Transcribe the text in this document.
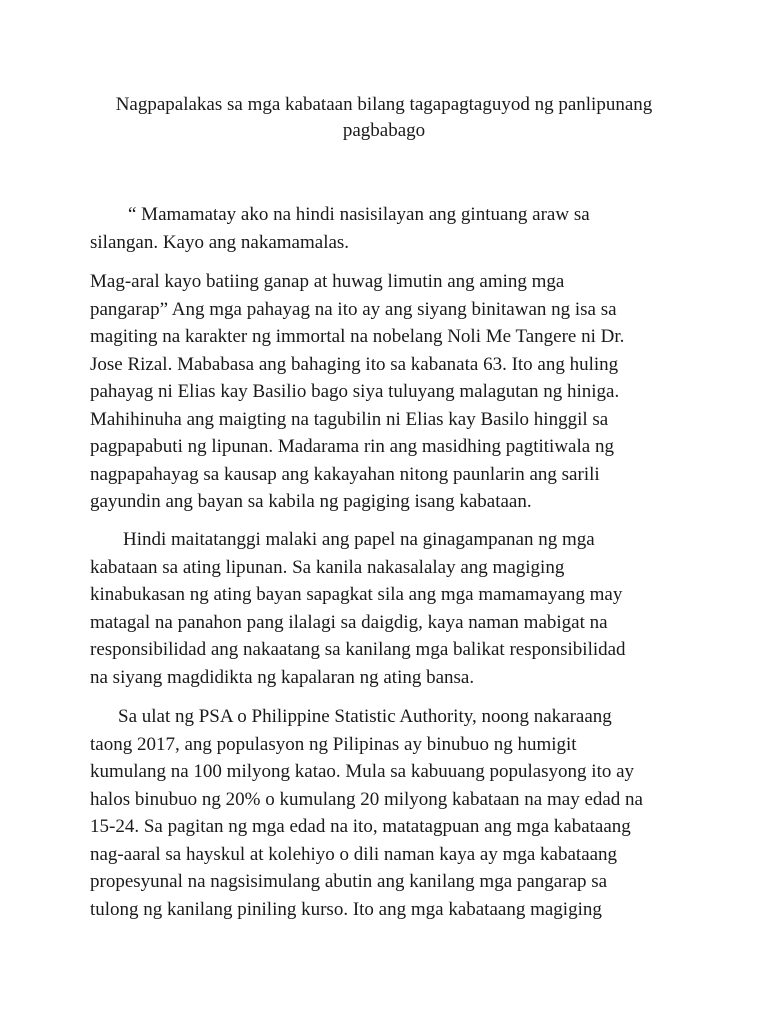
Nagpapalakas sa mga kabataan bilang tagapagtaguyod ng panlipunang
pagbabago

“ Mamamatay ako na hindi nasisilayan ang gintuang araw sa
silangan. Kayo ang nakamamalas.

Mag-aral kayo batiing ganap at huwag limutin ang aming mga
pangarap” Ang mga pahayag na ito ay ang siyang binitawan ng isa sa
magiting na karakter ng immortal na nobelang Noli Me Tangere ni Dr.
Jose Rizal. Mababasa ang bahaging ito sa kabanata 63. Ito ang huling
pahayag ni Elias kay Basilio bago siya tuluyang malagutan ng hiniga.
Mahihinuha ang maigting na tagubilin ni Elias kay Basilo hinggil sa
pagpapabuti ng lipunan. Madarama rin ang masidhing pagtitiwala ng
nagpapahayag sa kausap ang kakayahan nitong paunlarin ang sarili
gayundin ang bayan sa kabila ng pagiging isang kabataan.

Hindi maitatanggi malaki ang papel na ginagampanan ng mga
kabataan sa ating lipunan. Sa kanila nakasalalay ang magiging
kinabukasan ng ating bayan sapagkat sila ang mga mamamayang may
matagal na panahon pang ilalagi sa daigdig, kaya naman mabigat na
responsibilidad ang nakaatang sa kanilang mga balikat responsibilidad
na siyang magdidikta ng kapalaran ng ating bansa.

Sa ulat ng PSA o Philippine Statistic Authority, noong nakaraang
taong 2017, ang populasyon ng Pilipinas ay binubuo ng humigit
kumulang na 100 milyong katao. Mula sa kabuuang populasyong ito ay
halos binubuo ng 20% o kumulang 20 milyong kabataan na may edad na
15-24. Sa pagitan ng mga edad na ito, matatagpuan ang mga kabataang
nag-aaral sa hayskul at kolehiyo o dili naman kaya ay mga kabataang
propesyunal na nagsisimulang abutin ang kanilang mga pangarap sa
tulong ng kanilang piniling kurso. Ito ang mga kabataang magiging
